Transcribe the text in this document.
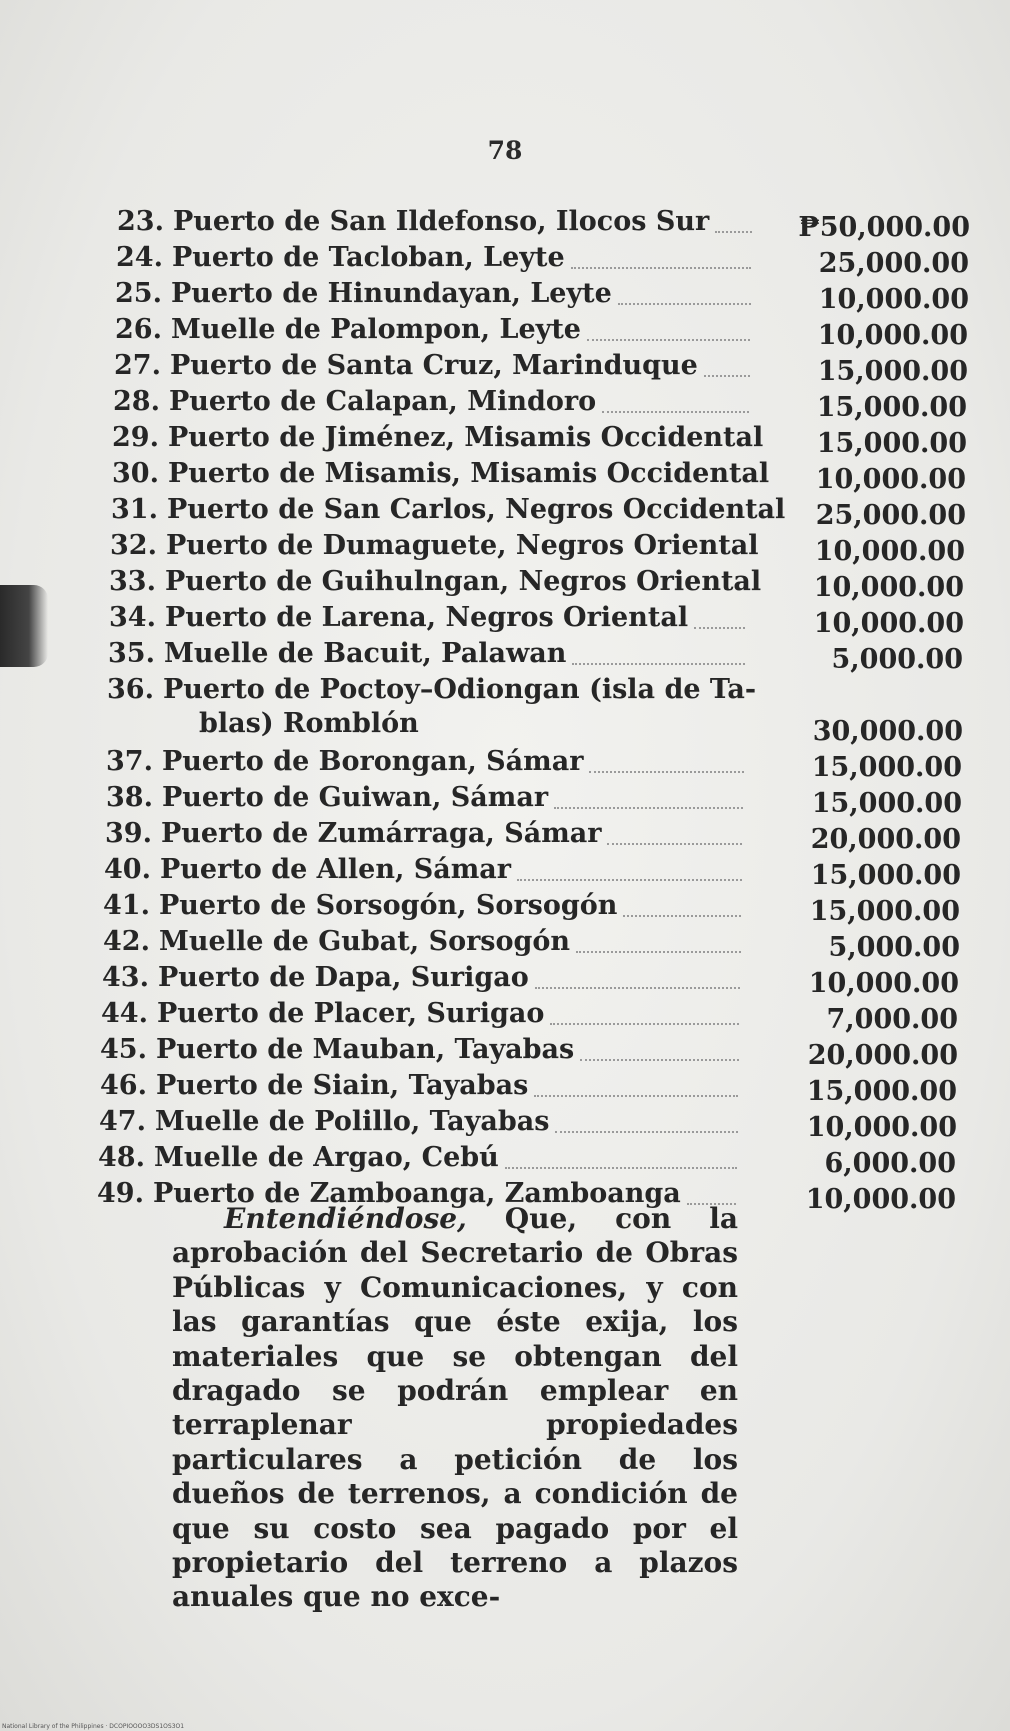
78
23. Puerto de San Ildefonso, Ilocos Sur	₱50,000.00
24. Puerto de Tacloban, Leyte	25,000.00
25. Puerto de Hinundayan, Leyte	10,000.00
26. Muelle de Palompon, Leyte	10,000.00
27. Puerto de Santa Cruz, Marinduque	15,000.00
28. Puerto de Calapan, Mindoro	15,000.00
29. Puerto de Jiménez, Misamis Occidental	15,000.00
30. Puerto de Misamis, Misamis Occidental	10,000.00
31. Puerto de San Carlos, Negros Occidental	25,000.00
32. Puerto de Dumaguete, Negros Oriental	10,000.00
33. Puerto de Guihulngan, Negros Oriental	10,000.00
34. Puerto de Larena, Negros Oriental	10,000.00
35. Muelle de Bacuit, Palawan	5,000.00
36. Puerto de Poctoy–Odiongan (isla de Ta-
blas) Romblón	30,000.00
37. Puerto de Borongan, Sámar	15,000.00
38. Puerto de Guiwan, Sámar	15,000.00
39. Puerto de Zumárraga, Sámar	20,000.00
40. Puerto de Allen, Sámar	15,000.00
41. Puerto de Sorsogón, Sorsogón	15,000.00
42. Muelle de Gubat, Sorsogón	5,000.00
43. Puerto de Dapa, Surigao	10,000.00
44. Puerto de Placer, Surigao	7,000.00
45. Puerto de Mauban, Tayabas	20,000.00
46. Puerto de Siain, Tayabas	15,000.00
47. Muelle de Polillo, Tayabas	10,000.00
48. Muelle de Argao, Cebú	6,000.00
49. Puerto de Zamboanga, Zamboanga	10,000.00
Entendiéndose, Que, con la aprobación del Secretario de Obras Públicas y Comunicaciones, y con las garantías que éste exija, los materiales que se obtengan del dragado se podrán emplear en terraplenar propiedades particulares a petición de los dueños de terrenos, a condición de que su costo sea pagado por el propietario del terreno a plazos anuales que no exce-
National Library of the Philippines · DCOPIOOOO3DS1OS3O1
